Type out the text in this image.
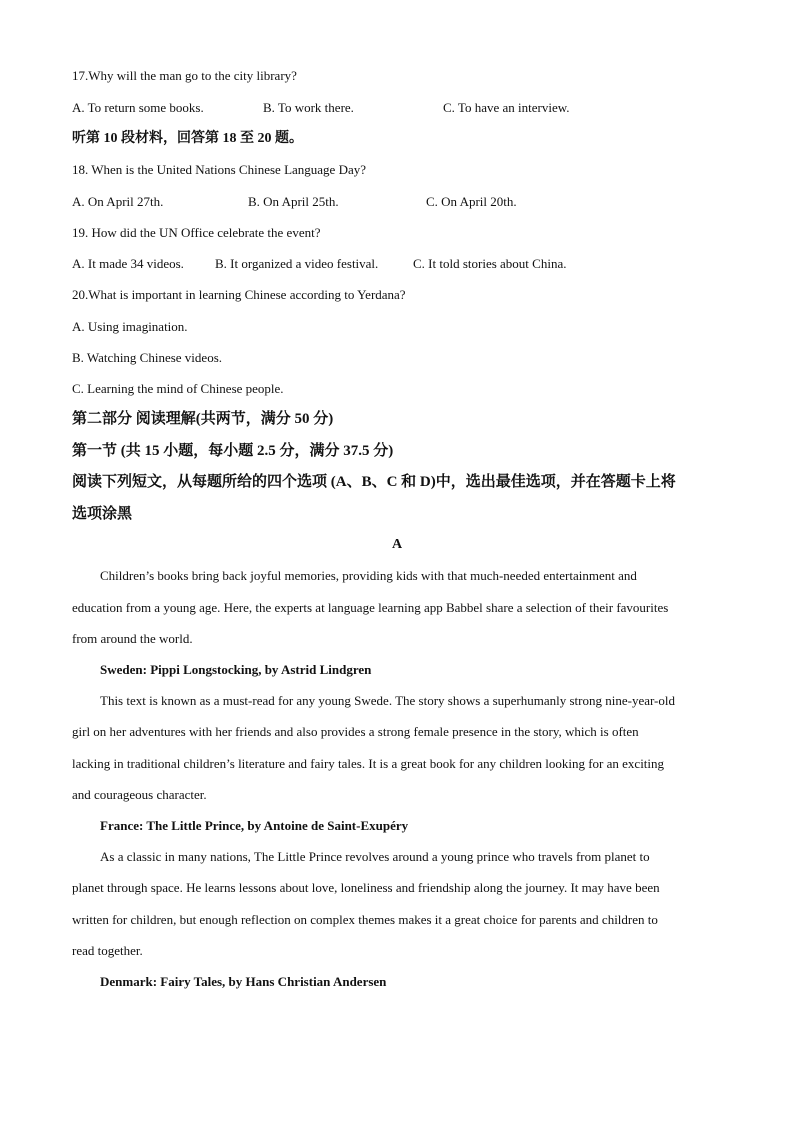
17.Why will the man go to the city library?
A. To return some books.	B. To work there.	C. To have an interview.
听第 10 段材料，回答第 18 至 20 题。
18. When is the United Nations Chinese Language Day?
A. On April 27th.	B. On April 25th.	C. On April 20th.
19. How did the UN Office celebrate the event?
A. It made 34 videos. B. It organized a video festival.	C. It told stories about China.
20.What is important in learning Chinese according to Yerdana?
A. Using imagination.
B. Watching Chinese videos.
C. Learning the mind of Chinese people.
第二部分 阅读理解(共两节，满分 50 分)
第一节 (共 15 小题，每小题 2.5 分，满分 37.5 分)
阅读下列短文，从每题所给的四个选项 (A、B、C 和 D)中，选出最佳选项，并在答题卡上将
选项涂黑
A
Children’s books bring back joyful memories, providing kids with that much-needed entertainment and
education from a young age. Here, the experts at language learning app Babbel share a selection of their favourites
from around the world.
Sweden: Pippi Longstocking, by Astrid Lindgren
This text is known as a must-read for any young Swede. The story shows a superhumanly strong nine-year-old
girl on her adventures with her friends and also provides a strong female presence in the story, which is often
lacking in traditional children’s literature and fairy tales. It is a great book for any children looking for an exciting
and courageous character.
France: The Little Prince, by Antoine de Saint-Exupéry
As a classic in many nations, The Little Prince revolves around a young prince who travels from planet to
planet through space. He learns lessons about love, loneliness and friendship along the journey. It may have been
written for children, but enough reflection on complex themes makes it a great choice for parents and children to
read together.
Denmark: Fairy Tales, by Hans Christian Andersen
